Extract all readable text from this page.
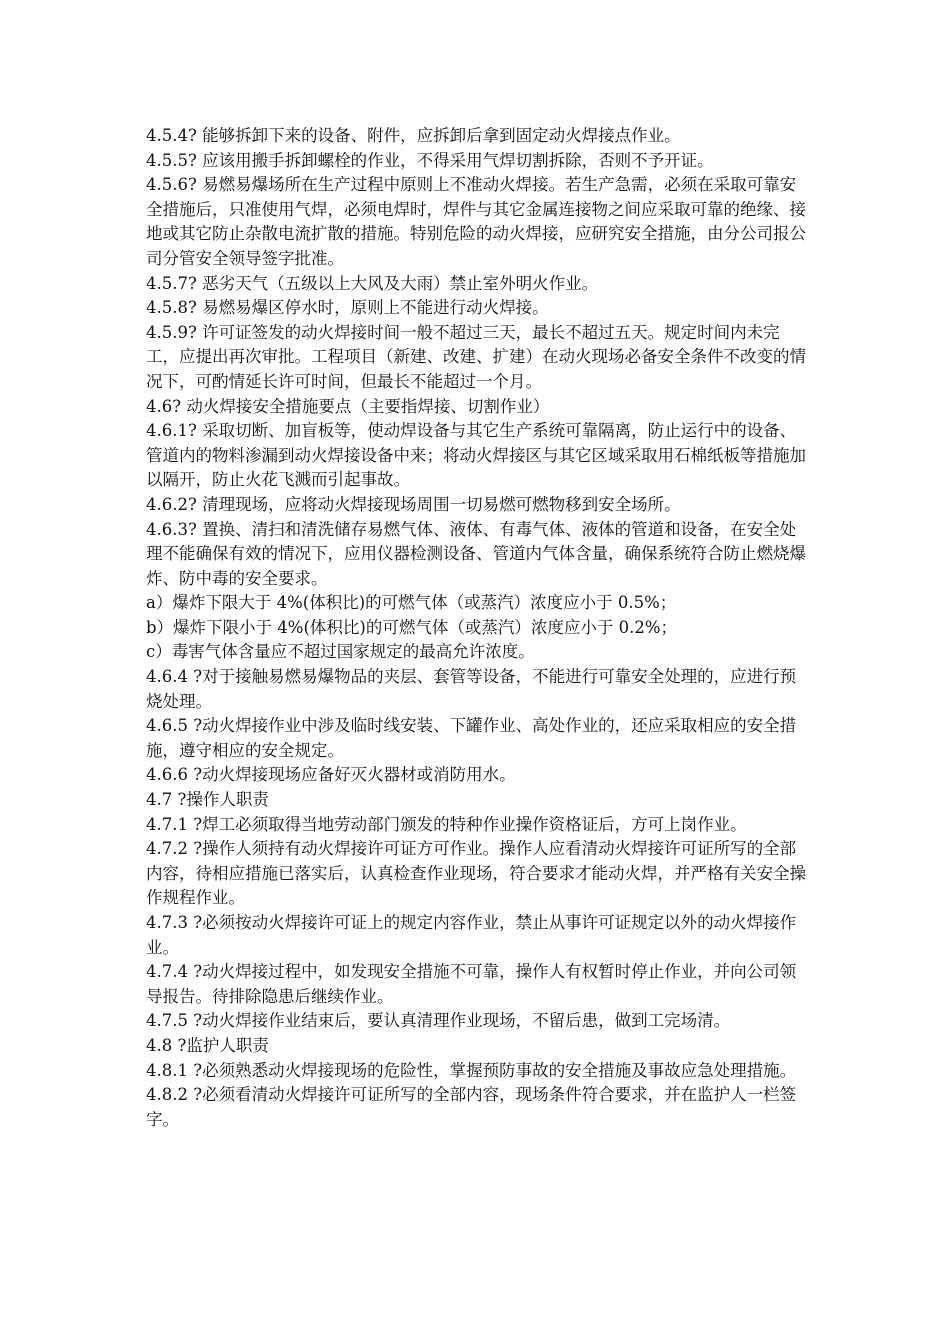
4.5.4? 能够拆卸下来的设备、附件，应拆卸后拿到固定动火焊接点作业。

4.5.5? 应该用搬手拆卸螺栓的作业，不得采用气焊切割拆除，否则不予开证。

4.5.6? 易燃易爆场所在生产过程中原则上不准动火焊接。若生产急需，必须在采取可靠安全措施后，只准使用气焊，必须电焊时，焊件与其它金属连接物之间应采取可靠的绝缘、接地或其它防止杂散电流扩散的措施。特别危险的动火焊接，应研究安全措施，由分公司报公司分管安全领导签字批准。

4.5.7? 恶劣天气（五级以上大风及大雨）禁止室外明火作业。

4.5.8? 易燃易爆区停水时，原则上不能进行动火焊接。

4.5.9? 许可证签发的动火焊接时间一般不超过三天，最长不超过五天。规定时间内未完工，应提出再次审批。工程项目（新建、改建、扩建）在动火现场必备安全条件不改变的情况下，可酌情延长许可时间，但最长不能超过一个月。

4.6? 动火焊接安全措施要点（主要指焊接、切割作业）

4.6.1? 采取切断、加盲板等，使动焊设备与其它生产系统可靠隔离，防止运行中的设备、管道内的物料渗漏到动火焊接设备中来；将动火焊接区与其它区域采取用石棉纸板等措施加以隔开，防止火花飞溅而引起事故。

4.6.2? 清理现场，应将动火焊接现场周围一切易燃可燃物移到安全场所。

4.6.3? 置换、清扫和清洗储存易燃气体、液体、有毒气体、液体的管道和设备，在安全处理不能确保有效的情况下，应用仪器检测设备、管道内气体含量，确保系统符合防止燃烧爆炸、防中毒的安全要求。

a）爆炸下限大于 4%(体积比)的可燃气体（或蒸汽）浓度应小于 0.5%；

b）爆炸下限小于 4%(体积比)的可燃气体（或蒸汽）浓度应小于 0.2%；

c）毒害气体含量应不超过国家规定的最高允许浓度。

4.6.4 ?对于接触易燃易爆物品的夹层、套管等设备，不能进行可靠安全处理的，应进行预烧处理。

4.6.5 ?动火焊接作业中涉及临时线安装、下罐作业、高处作业的，还应采取相应的安全措施，遵守相应的安全规定。

4.6.6 ?动火焊接现场应备好灭火器材或消防用水。

4.7 ?操作人职责

4.7.1 ?焊工必须取得当地劳动部门颁发的特种作业操作资格证后，方可上岗作业。

4.7.2 ?操作人须持有动火焊接许可证方可作业。操作人应看清动火焊接许可证所写的全部内容，待相应措施已落实后，认真检查作业现场，符合要求才能动火焊，并严格有关安全操作规程作业。

4.7.3 ?必须按动火焊接许可证上的规定内容作业，禁止从事许可证规定以外的动火焊接作业。

4.7.4 ?动火焊接过程中，如发现安全措施不可靠，操作人有权暂时停止作业，并向公司领导报告。待排除隐患后继续作业。

4.7.5 ?动火焊接作业结束后，要认真清理作业现场，不留后患，做到工完场清。

4.8 ?监护人职责

4.8.1 ?必须熟悉动火焊接现场的危险性，掌握预防事故的安全措施及事故应急处理措施。

4.8.2 ?必须看清动火焊接许可证所写的全部内容，现场条件符合要求，并在监护人一栏签字。
